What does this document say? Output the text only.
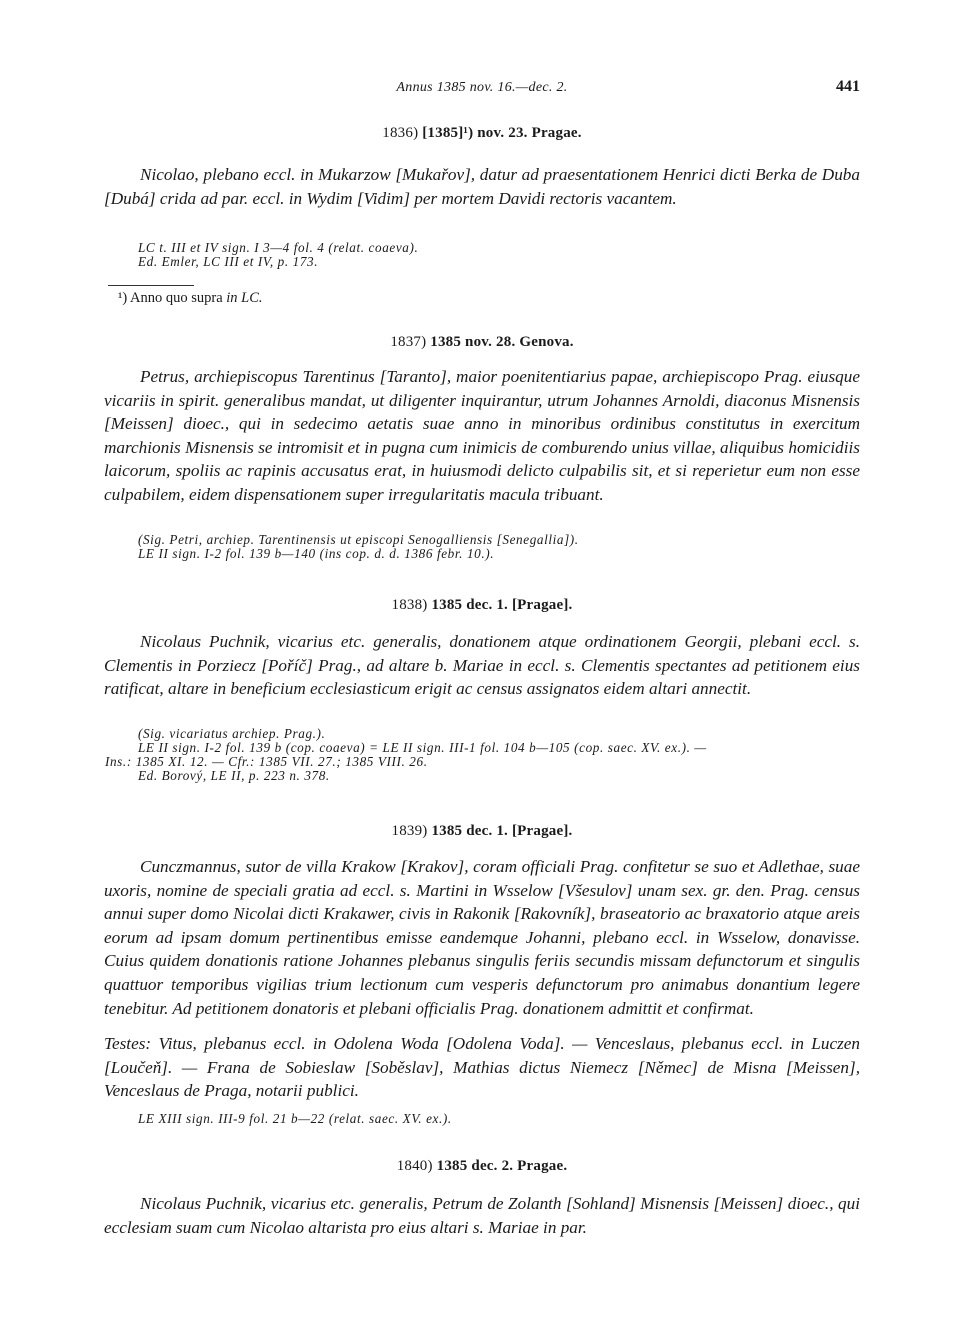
Annus 1385 nov. 16.—dec. 2.	441
1836) [1385]¹) nov. 23. Pragae.

Nicolao, plebano eccl. in Mukarzow [Mukařov], datur ad praesentationem Henrici dicti Berka de Duba [Dubá] crida ad par. eccl. in Wydim [Vidim] per mortem Davidi rectoris vacantem.

LC t. III et IV sign. I 3—4 fol. 4 (relat. coaeva).
Ed. Emler, LC III et IV, p. 173.
¹) Anno quo supra in LC.
1837) 1385 nov. 28. Genova.

Petrus, archiepiscopus Tarentinus [Taranto], maior poenitentiarius papae, archiepiscopo Prag. eiusque vicariis in spirit. generalibus mandat, ut diligenter inquirantur, utrum Johannes Arnoldi, diaconus Misnensis [Meissen] dioec., qui in sedecimo aetatis suae anno in minoribus ordinibus constitutus in exercitum marchionis Misnensis se intromisit et in pugna cum inimicis de comburendo unius villae, aliquibus homicidiis laicorum, spoliis ac rapinis accusatus erat, in huiusmodi delicto culpabilis sit, et si reperietur eum non esse culpabilem, eidem dispensationem super irregularitatis macula tribuant.

(Sig. Petri, archiep. Tarentinensis ut episcopi Senogalliensis [Senegallia]).
LE II sign. I-2 fol. 139 b—140 (ins cop. d. d. 1386 febr. 10.).
1838) 1385 dec. 1. [Pragae].

Nicolaus Puchnik, vicarius etc. generalis, donationem atque ordinationem Georgii, plebani eccl. s. Clementis in Porziecz [Poříč] Prag., ad altare b. Mariae in eccl. s. Clementis spectantes ad petitionem eius ratificat, altare in beneficium ecclesiasticum erigit ac census assignatos eidem altari annectit.

(Sig. vicariatus archiep. Prag.).
LE II sign. I-2 fol. 139 b (cop. coaeva) = LE II sign. III-1 fol. 104 b—105 (cop. saec. XV. ex.). —
Ins.: 1385 XI. 12. — Cfr.: 1385 VII. 27.; 1385 VIII. 26.
Ed. Borový, LE II, p. 223 n. 378.
1839) 1385 dec. 1. [Pragae].

Cunczmannus, sutor de villa Krakow [Krakov], coram officiali Prag. confitetur se suo et Adlethae, suae uxoris, nomine de speciali gratia ad eccl. s. Martini in Wsselow [Všesulov] unam sex. gr. den. Prag. census annui super domo Nicolai dicti Krakawer, civis in Rakonik [Rakovník], braseatorio ac braxatorio atque areis eorum ad ipsam domum pertinentibus emisse eandemque Johanni, plebano eccl. in Wsselow, donavisse. Cuius quidem donationis ratione Johannes plebanus singulis feriis secundis missam defunctorum et singulis quattuor temporibus vigilias trium lectionum cum vesperis defunctorum pro animabus donantium legere tenebitur. Ad petitionem donatoris et plebani officialis Prag. donationem admittit et confirmat.

Testes: Vitus, plebanus eccl. in Odolena Woda [Odolena Voda]. — Venceslaus, plebanus eccl. in Luczen [Loučeň]. — Frana de Sobieslaw [Soběslav], Mathias dictus Niemecz [Němec] de Misna [Meissen], Venceslaus de Praga, notarii publici.

LE XIII sign. III-9 fol. 21 b—22 (relat. saec. XV. ex.).
1840) 1385 dec. 2. Pragae.

Nicolaus Puchnik, vicarius etc. generalis, Petrum de Zolanth [Sohland] Misnensis [Meissen] dioec., qui ecclesiam suam cum Nicolao altarista pro eius altari s. Mariae in par.
